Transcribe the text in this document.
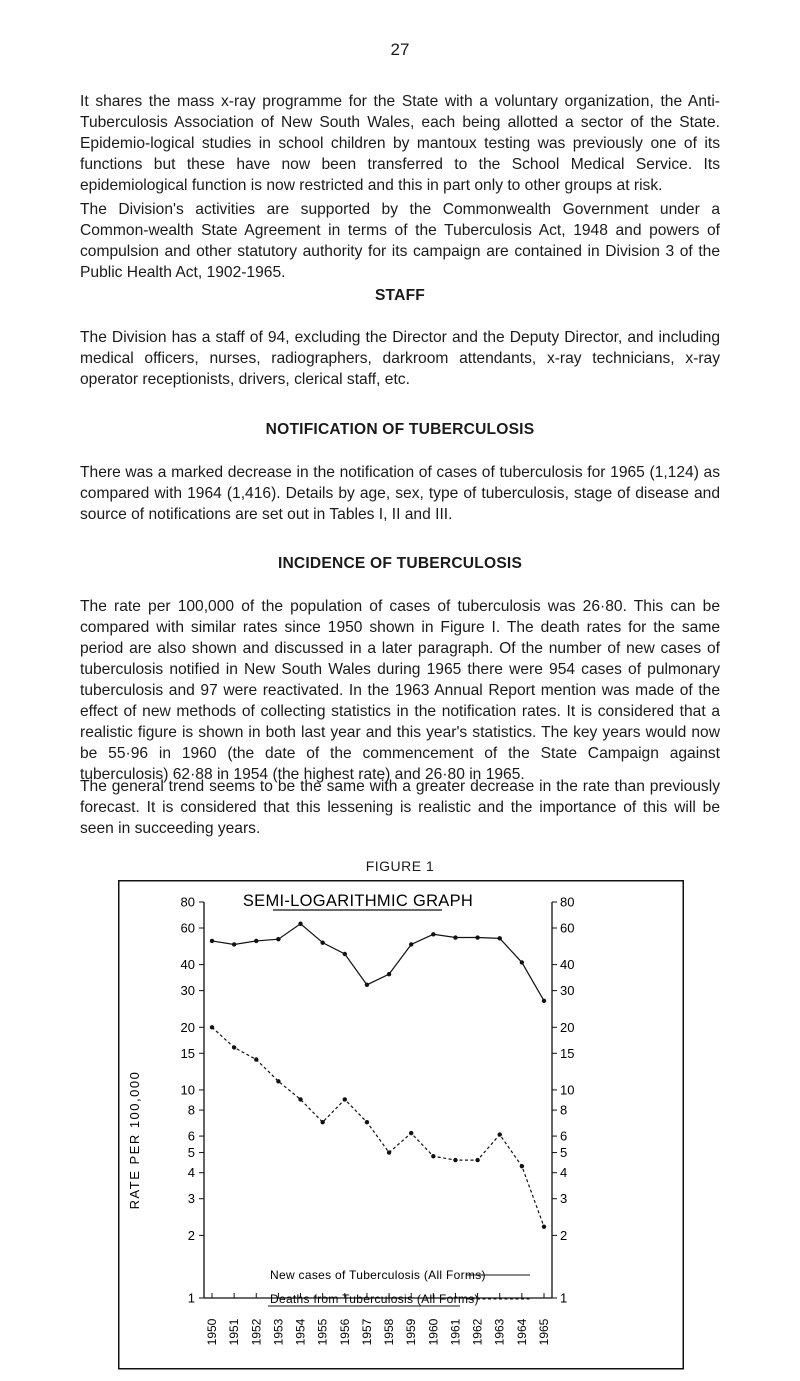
27

It shares the mass x-ray programme for the State with a voluntary organization, the Anti-Tuberculosis Association of New South Wales, each being allotted a sector of the State. Epidemio-logical studies in school children by mantoux testing was previously one of its functions but these have now been transferred to the School Medical Service. Its epidemiological function is now restricted and this in part only to other groups at risk.

The Division's activities are supported by the Commonwealth Government under a Common-wealth State Agreement in terms of the Tuberculosis Act, 1948 and powers of compulsion and other statutory authority for its campaign are contained in Division 3 of the Public Health Act, 1902-1965.

STAFF

The Division has a staff of 94, excluding the Director and the Deputy Director, and including medical officers, nurses, radiographers, darkroom attendants, x-ray technicians, x-ray operator receptionists, drivers, clerical staff, etc.

NOTIFICATION OF TUBERCULOSIS

There was a marked decrease in the notification of cases of tuberculosis for 1965 (1,124) as compared with 1964 (1,416). Details by age, sex, type of tuberculosis, stage of disease and source of notifications are set out in Tables I, II and III.

INCIDENCE OF TUBERCULOSIS

The rate per 100,000 of the population of cases of tuberculosis was 26·80. This can be compared with similar rates since 1950 shown in Figure I. The death rates for the same period are also shown and discussed in a later paragraph. Of the number of new cases of tuberculosis notified in New South Wales during 1965 there were 954 cases of pulmonary tuberculosis and 97 were reactivated. In the 1963 Annual Report mention was made of the effect of new methods of collecting statistics in the notification rates. It is considered that a realistic figure is shown in both last year and this year's statistics. The key years would now be 55·96 in 1960 (the date of the commencement of the State Campaign against tuberculosis) 62·88 in 1954 (the highest rate) and 26·80 in 1965.

The general trend seems to be the same with a greater decrease in the rate than previously forecast. It is considered that this lessening is realistic and the importance of this will be seen in succeeding years.

FIGURE 1
RATE PER 100,000
SEMI-LOGARITHMIC GRAPH
80	80
60	60
40	40
30	30
20	20
15	15
10	10
8	8
6	6
5	5
4	4
3	3
2	2
1	1
1950 1951 1952 1953 1954 1955 1956 1957 1958 1959 1960 1961 1962 1963 1964 1965
New cases of Tuberculosis (All Forms)
Deaths from Tuberculosis (All Forms)
